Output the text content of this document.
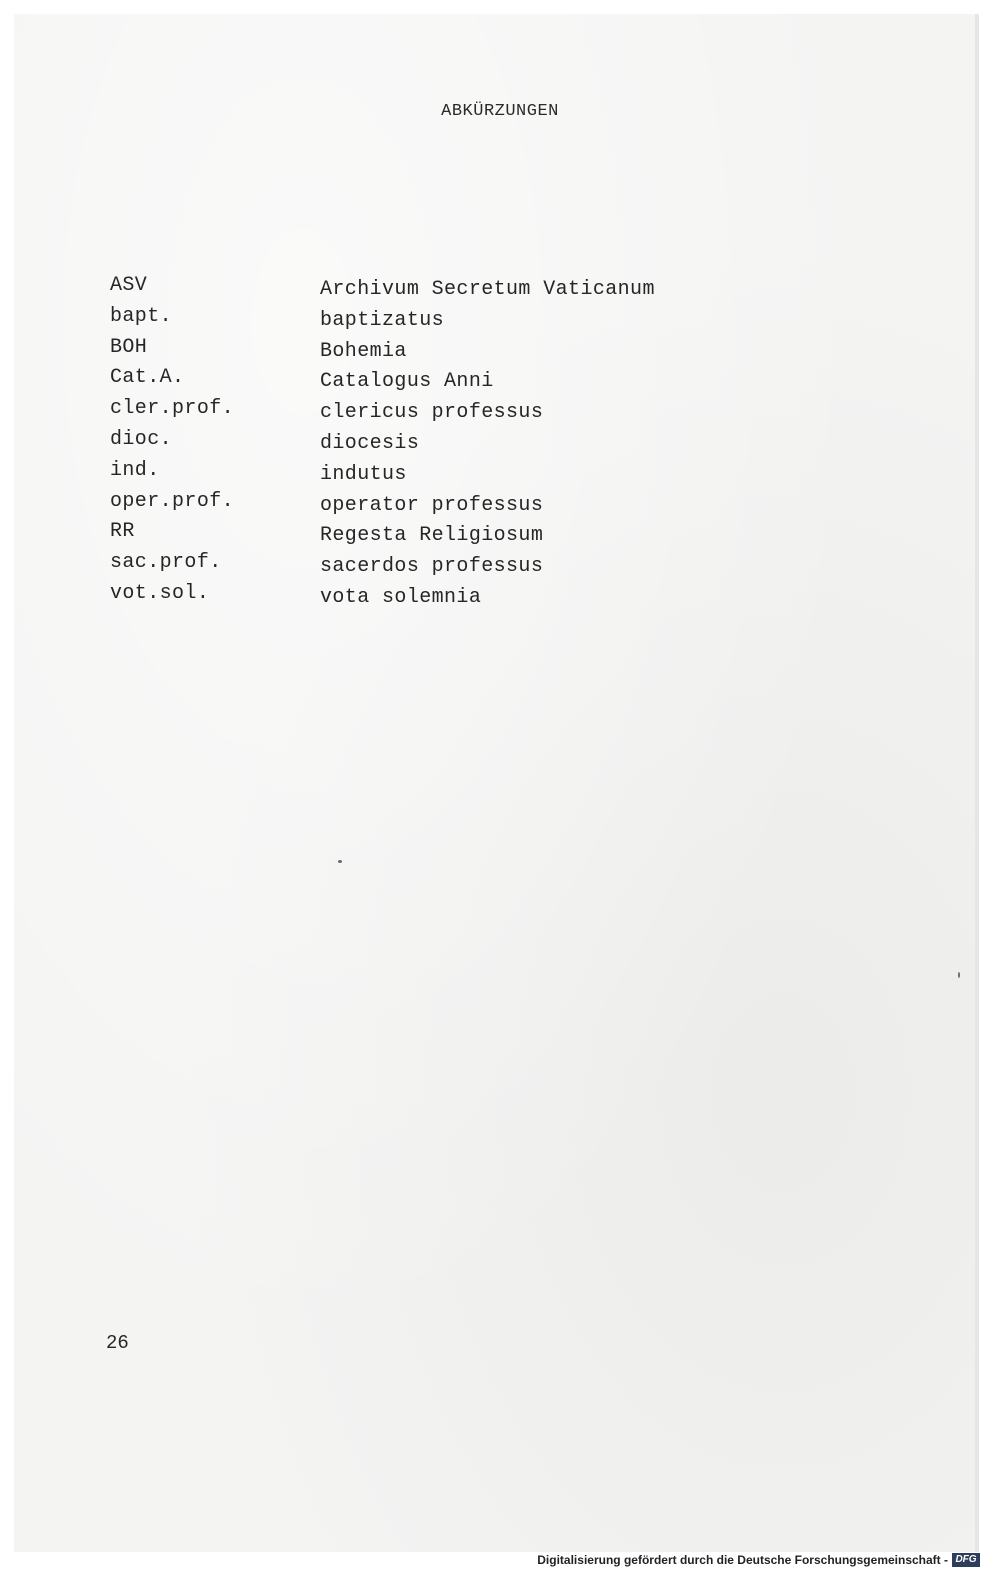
ABKÜRZUNGEN
ASV	Archivum Secretum Vaticanum
bapt.	baptizatus
BOH	Bohemia
Cat.A.	Catalogus Anni
cler.prof.	clericus professus
dioc.	diocesis
ind.	indutus
oper.prof.	operator professus
RR	Regesta Religiosum
sac.prof.	sacerdos professus
vot.sol.	vota solemnia
26
Digitalisierung gefördert durch die Deutsche Forschungsgemeinschaft - DFG
